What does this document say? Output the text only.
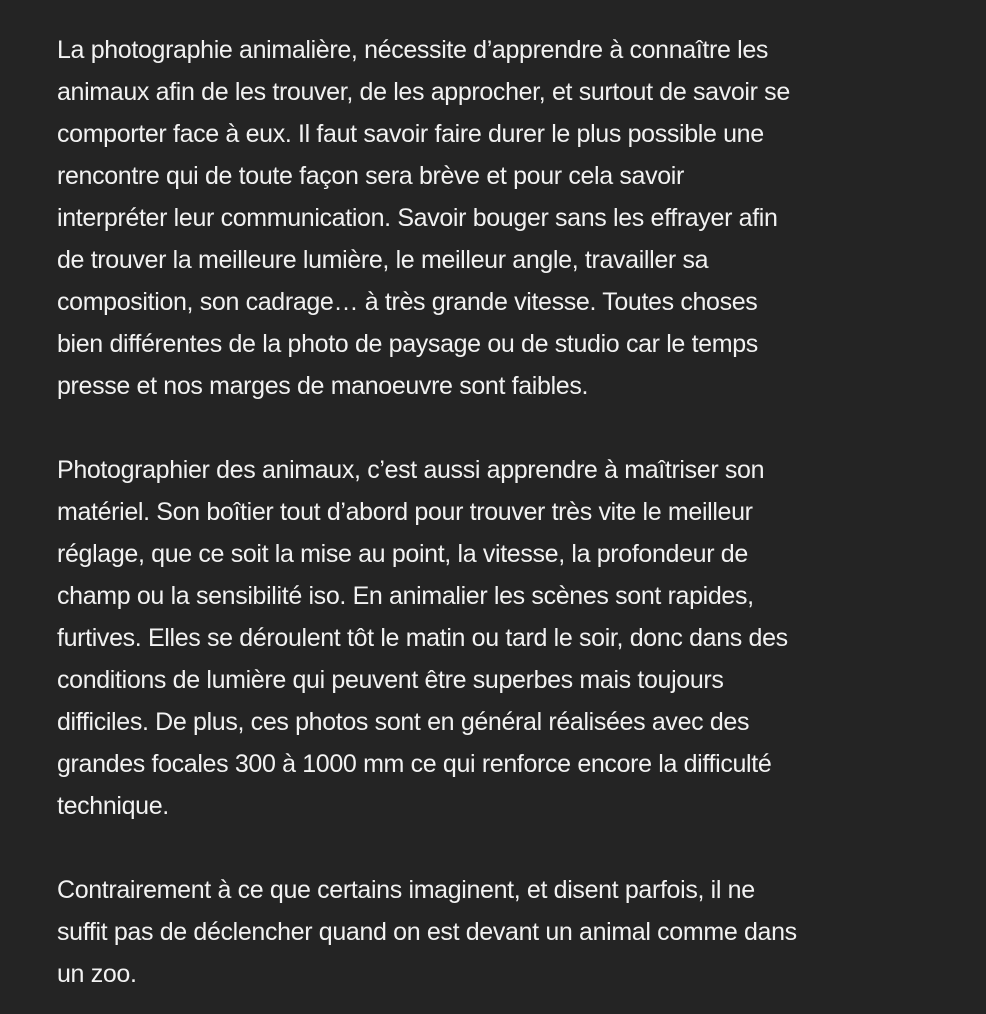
La photographie animalière, nécessite d’apprendre à connaître les
animaux afin de les trouver, de les approcher, et surtout de savoir se
comporter face à eux. Il faut savoir faire durer le plus possible une
rencontre qui de toute façon sera brève et pour cela savoir
interpréter leur communication. Savoir bouger sans les effrayer afin
de trouver la meilleure lumière, le meilleur angle, travailler sa
composition, son cadrage… à très grande vitesse. Toutes choses
bien différentes de la photo de paysage ou de studio car le temps
presse et nos marges de manoeuvre sont faibles.

Photographier des animaux, c’est aussi apprendre à maîtriser son
matériel. Son boîtier tout d’abord pour trouver très vite le meilleur
réglage, que ce soit la mise au point, la vitesse, la profondeur de
champ ou la sensibilité iso. En animalier les scènes sont rapides,
furtives. Elles se déroulent tôt le matin ou tard le soir, donc dans des
conditions de lumière qui peuvent être superbes mais toujours
difficiles. De plus, ces photos sont en général réalisées avec des
grandes focales 300 à 1000 mm ce qui renforce encore la difficulté
technique.

Contrairement à ce que certains imaginent, et disent parfois, il ne
suffit pas de déclencher quand on est devant un animal comme dans
un zoo.
